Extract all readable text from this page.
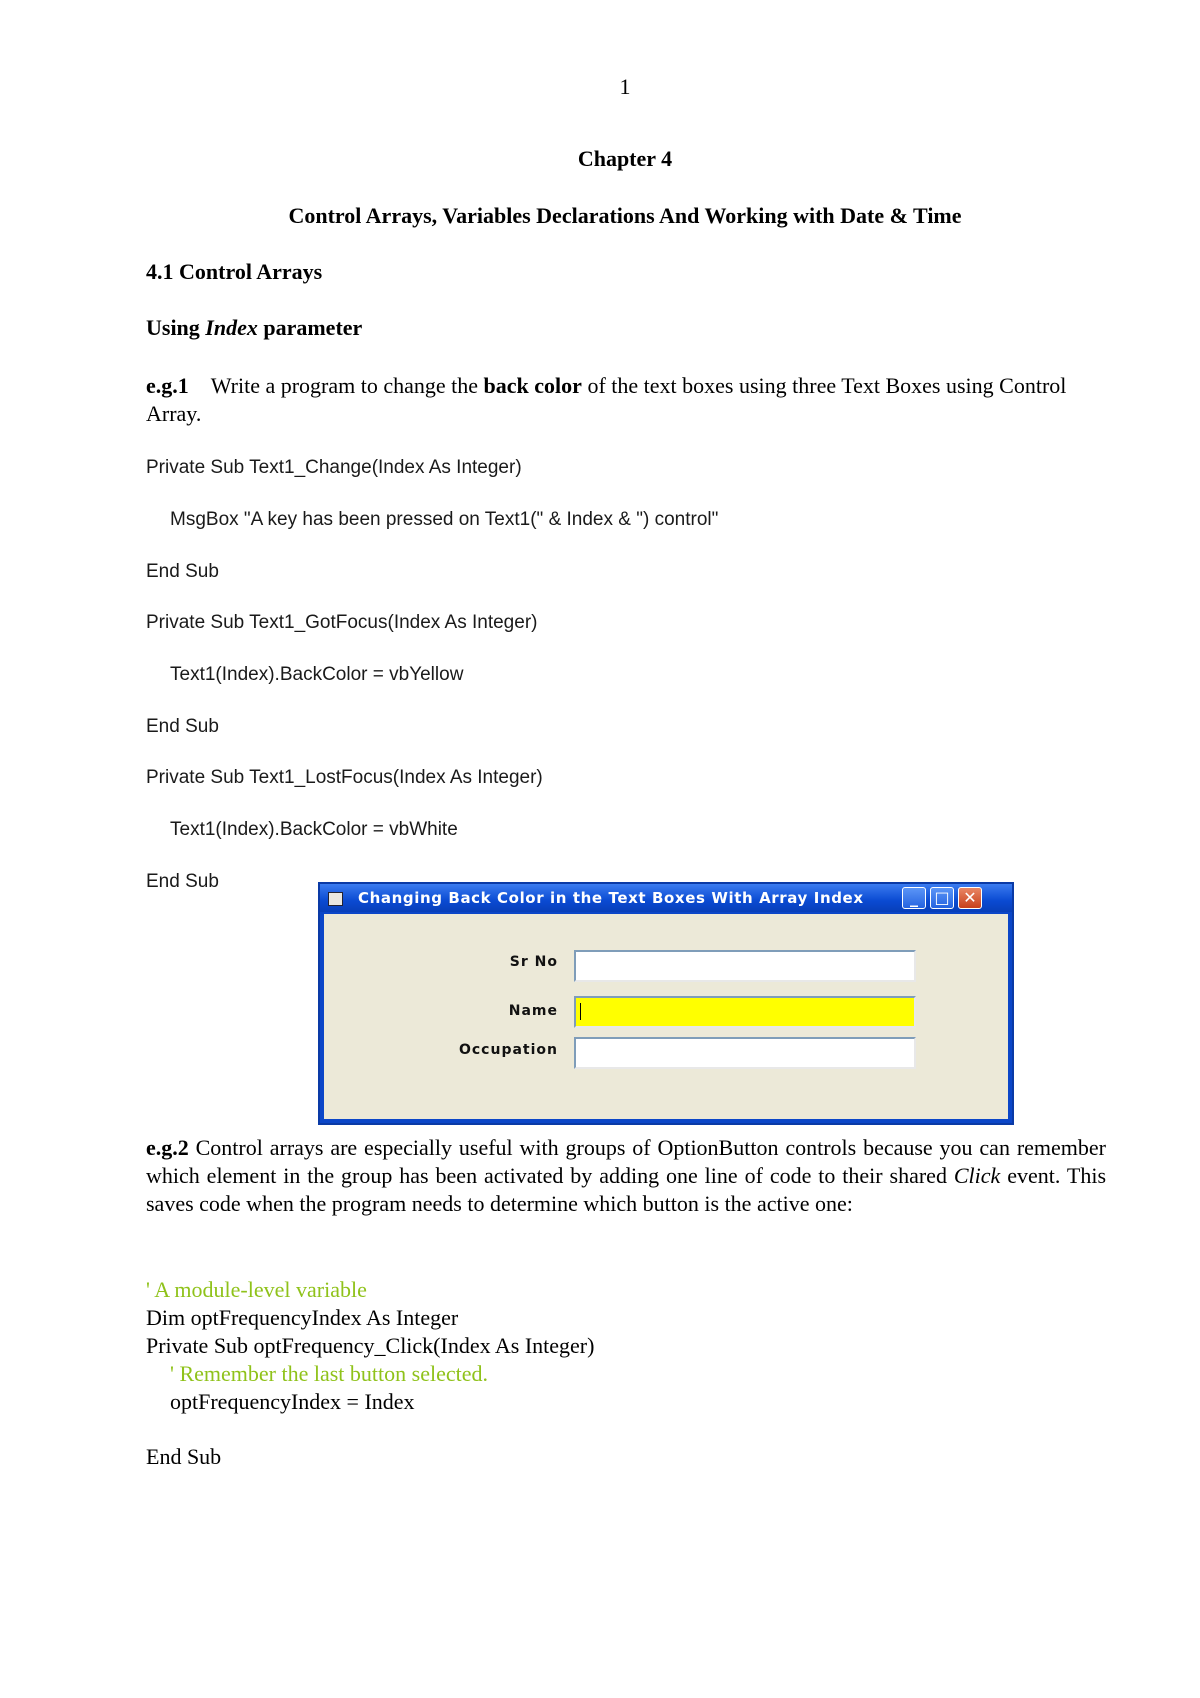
1
Chapter 4
Control Arrays, Variables Declarations And Working with Date & Time
4.1 Control Arrays
Using Index parameter
e.g.1 Write a program to change the back color of the text boxes using three Text Boxes using Control Array.
Private Sub Text1_Change(Index As Integer)
MsgBox "A key has been pressed on Text1(" & Index & ") control"
End Sub
Private Sub Text1_GotFocus(Index As Integer)
Text1(Index).BackColor = vbYellow
End Sub
Private Sub Text1_LostFocus(Index As Integer)
Text1(Index).BackColor = vbWhite
End Sub
Changing Back Color in the Text Boxes With Array Index	_	□ ✕
Sr No
Name
Occupation
e.g.2 Control arrays are especially useful with groups of OptionButton controls because you can remember which element in the group has been activated by adding one line of code to their shared Click event. This saves code when the program needs to determine which button is the active one:
' A module-level variable
Dim optFrequencyIndex As Integer
Private Sub optFrequency_Click(Index As Integer)
' Remember the last button selected.
optFrequencyIndex = Index
End Sub
